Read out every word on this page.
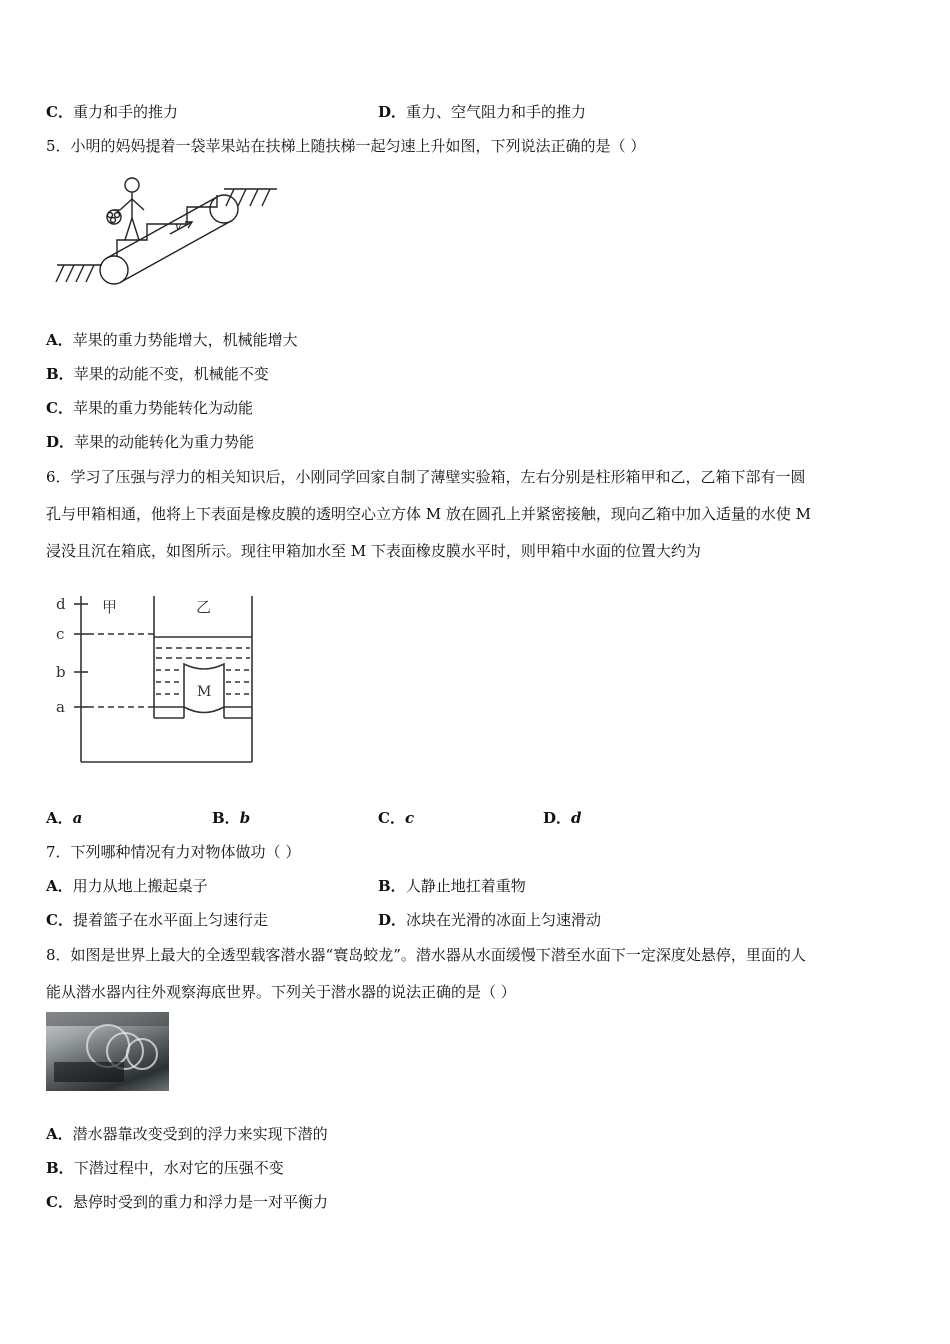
C．重力和手的推力	D．重力、空气阻力和手的推力
5．小明的妈妈提着一袋苹果站在扶梯上随扶梯一起匀速上升如图，下列说法正确的是（ ）
v
A．苹果的重力势能增大，机械能增大
B．苹果的动能不变，机械能不变
C．苹果的重力势能转化为动能
D．苹果的动能转化为重力势能
6．学习了压强与浮力的相关知识后，小刚同学回家自制了薄壁实验箱，左右分别是柱形箱甲和乙，乙箱下部有一圆
孔与甲箱相通，他将上下表面是橡皮膜的透明空心立方体 M 放在圆孔上并紧密接触，现向乙箱中加入适量的水使 M
浸没且沉在箱底，如图所示。现往甲箱加水至 M 下表面橡皮膜水平时，则甲箱中水面的位置大约为
d
c
b
a
甲	乙
M
A．a	B．b	C．c	D．d
7．下列哪种情况有力对物体做功（ ）
A．用力从地上搬起桌子	B．人静止地扛着重物
C．提着篮子在水平面上匀速行走	D．冰块在光滑的冰面上匀速滑动
8．如图是世界上最大的全透型载客潜水器“寰岛蛟龙”。潜水器从水面缓慢下潜至水面下一定深度处悬停，里面的人
能从潜水器内往外观察海底世界。下列关于潜水器的说法正确的是（ ）
A．潜水器靠改变受到的浮力来实现下潜的
B．下潜过程中，水对它的压强不变
C．悬停时受到的重力和浮力是一对平衡力
